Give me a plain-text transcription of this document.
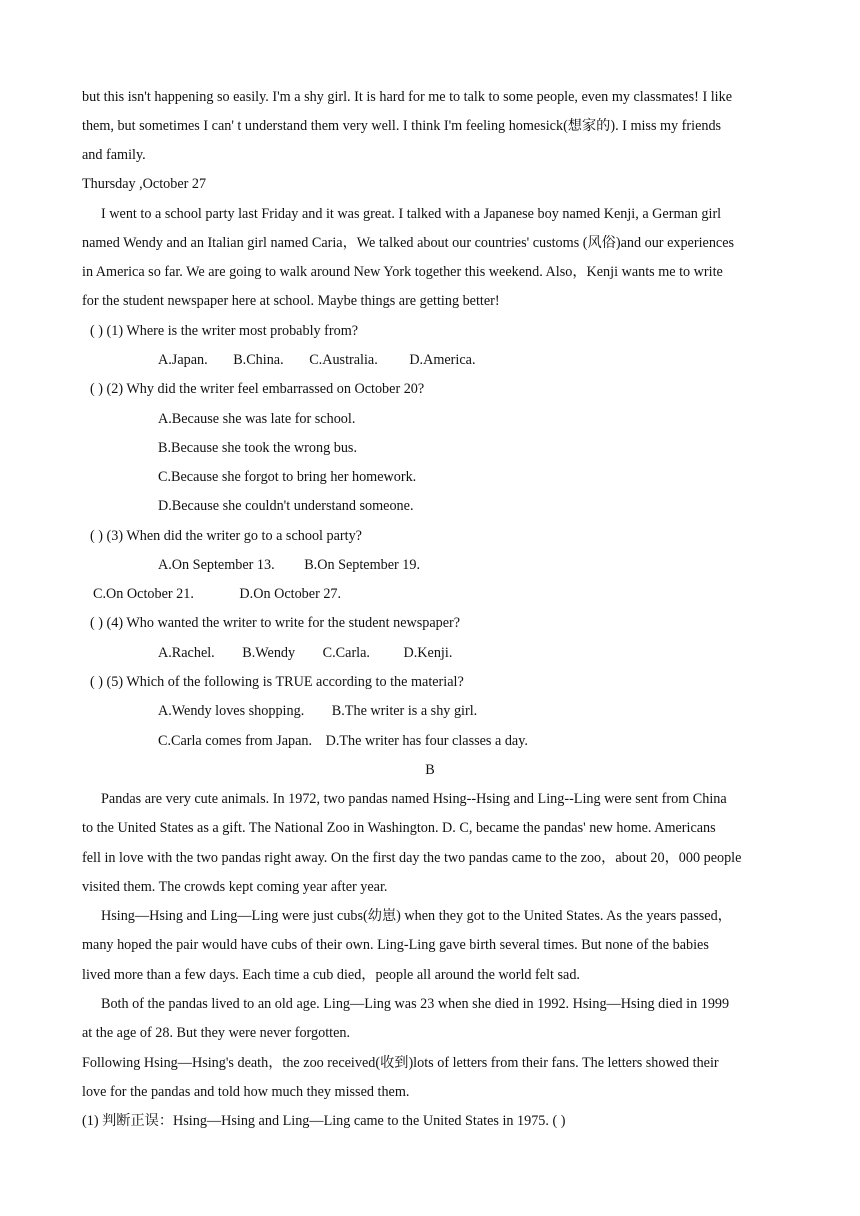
but this isn't happening so easily. I'm a shy girl. It is hard for me to talk to some people, even my classmates! I like
them, but sometimes I can' t understand them very well. I think I'm feeling homesick(想家的). I miss my friends
and family.
Thursday ,October 27
I went to a school party last Friday and it was great. I talked with a Japanese boy named Kenji, a German girl
named Wendy and an Italian girl named Caria，We talked about our countries' customs (风俗)and our experiences
in America so far. We are going to walk around New York together this weekend. Also，Kenji wants me to write
for the student newspaper here at school. Maybe things are getting better!
( ) (1) Where is the writer most probably from?
A.Japan. B.China. C.Australia. D.America.
( ) (2) Why did the writer feel embarrassed on October 20?
A.Because she was late for school.
B.Because she took the wrong bus.
C.Because she forgot to bring her homework.
D.Because she couldn't understand someone.
( ) (3) When did the writer go to a school party?
A.On September 13. B.On September 19.
C.On October 21.	D.On October 27.
( ) (4) Who wanted the writer to write for the student newspaper?
A.Rachel. B.Wendy C.Carla. D.Kenji.
( ) (5) Which of the following is TRUE according to the material?
A.Wendy loves shopping. B.The writer is a shy girl.
C.Carla comes from Japan. D.The writer has four classes a day.
B
Pandas are very cute animals. In 1972, two pandas named Hsing--Hsing and Ling--Ling were sent from China
to the United States as a gift. The National Zoo in Washington. D. C, became the pandas' new home. Americans
fell in love with the two pandas right away. On the first day the two pandas came to the zoo，about 20，000 people
visited them. The crowds kept coming year after year.
Hsing—Hsing and Ling—Ling were just cubs(幼崽) when they got to the United States. As the years passed，
many hoped the pair would have cubs of their own. Ling-Ling gave birth several times. But none of the babies
lived more than a few days. Each time a cub died，people all around the world felt sad.
Both of the pandas lived to an old age. Ling—Ling was 23 when she died in 1992. Hsing—Hsing died in 1999
at the age of 28. But they were never forgotten.
Following Hsing—Hsing's death，the zoo received(收到)lots of letters from their fans. The letters showed their
love for the pandas and told how much they missed them.
(1) 判断正误：Hsing—Hsing and Ling—Ling came to the United States in 1975. ( )
